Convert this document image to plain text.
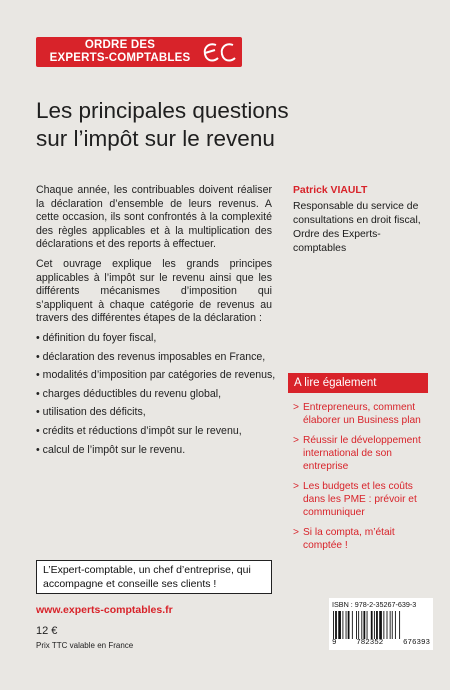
ORDRE DES
EXPERTS-COMPTABLES
Les principales questions
sur l’impôt sur le revenu

Chaque année, les contribuables doivent réaliser la déclaration d’ensemble de leurs revenus. A cette occasion, ils sont confrontés à la complexité des règles applicables et à la multiplication des déclarations et des reports à effectuer.

Cet ouvrage explique les grands principes applicables à l’impôt sur le revenu ainsi que les différents mécanismes d’imposition qui s’appliquent à chaque catégorie de revenus au travers des différentes étapes de la déclaration :

• définition du foyer fiscal,
• déclaration des revenus imposables en France,
• modalités d’imposition par catégories de revenus,
• charges déductibles du revenu global,
• utilisation des déficits,
• crédits et réductions d’impôt sur le revenu,
• calcul de l’impôt sur le revenu.
Patrick VIAULT
Responsable du service de consultations en droit fiscal, Ordre des Experts-comptables
A lire également
> Entrepreneurs, comment élaborer un Business plan
> Réussir le développement international de son entreprise
> Les budgets et les coûts dans les PME : prévoir et communiquer
> Si la compta, m’était comptée !
L’Expert-comptable, un chef d’entreprise, qui accompagne et conseille ses clients !
www.experts-comptables.fr
12 €
Prix TTC valable en France
ISBN : 978-2-35267-639-3
9	782352	676393
